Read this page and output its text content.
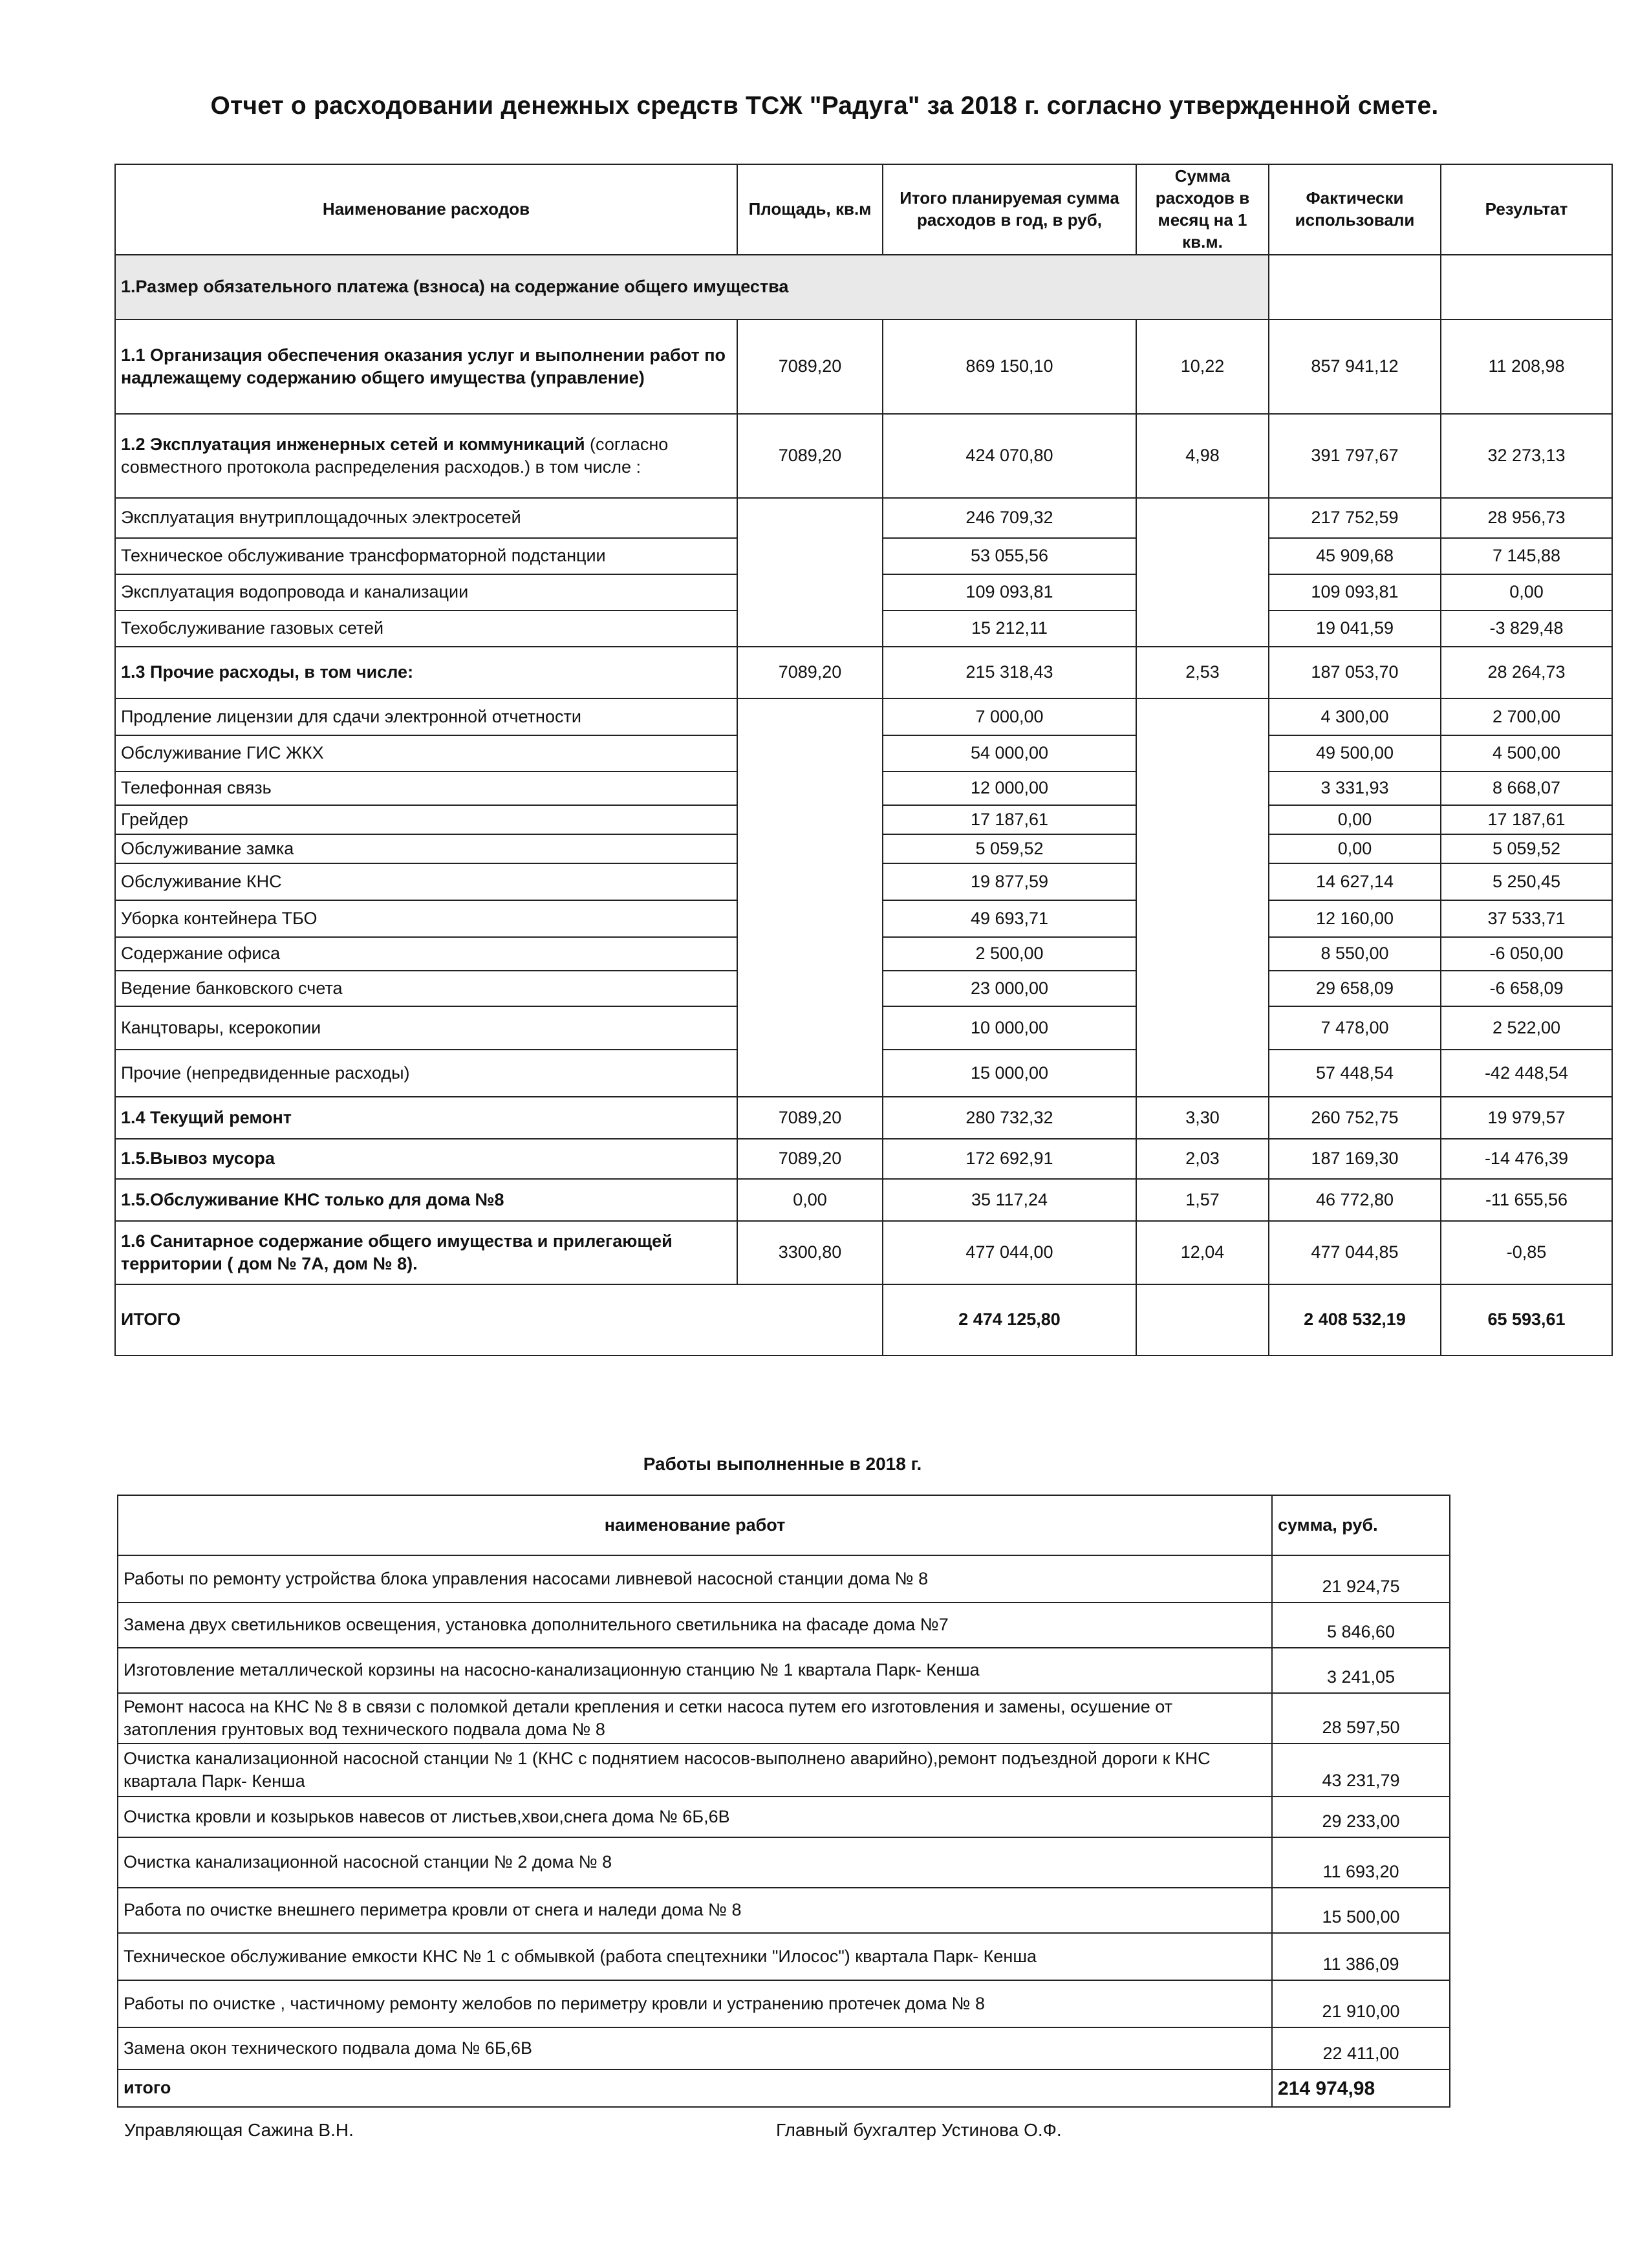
Отчет о расходовании денежных средств ТСЖ "Радуга" за 2018 г. согласно утвержденной смете.
Наименование расходов	Площадь, кв.м	Итого планируемая сумма расходов в год, в руб,	Сумма расходов в месяц на 1 кв.м.	Фактически использовали	Результат
1.Размер обязательного платежа (взноса) на содержание общего имущества					
1.1 Организация обеспечения оказания услуг и выполнении работ по надлежащему содержанию общего имущества (управление)	7089,20	869 150,10	10,22	857 941,12	11 208,98
1.2 Эксплуатация инженерных сетей и коммуникаций (согласно совместного протокола распределения расходов.) в том числе :	7089,20	424 070,80	4,98	391 797,67	32 273,13
Эксплуатация внутриплощадочных электросетей		246 709,32		217 752,59	28 956,73
Техническое обслуживание трансформаторной подстанции		53 055,56		45 909,68	7 145,88
Эксплуатация водопровода и канализации		109 093,81		109 093,81	0,00
Техобслуживание газовых сетей		15 212,11		19 041,59	-3 829,48
1.3 Прочие расходы, в том числе:	7089,20	215 318,43	2,53	187 053,70	28 264,73
Продление лицензии для сдачи электронной отчетности		7 000,00		4 300,00	2 700,00
Обслуживание ГИС ЖКХ		54 000,00		49 500,00	4 500,00
Телефонная связь		12 000,00		3 331,93	8 668,07
Грейдер		17 187,61		0,00	17 187,61
Обслуживание замка		5 059,52		0,00	5 059,52
Обслуживание КНС		19 877,59		14 627,14	5 250,45
Уборка контейнера ТБО		49 693,71		12 160,00	37 533,71
Содержание офиса		2 500,00		8 550,00	-6 050,00
Ведение банковского счета		23 000,00		29 658,09	-6 658,09
Канцтовары, ксерокопии		10 000,00		7 478,00	2 522,00
Прочие (непредвиденные расходы)		15 000,00		57 448,54	-42 448,54
1.4 Текущий ремонт	7089,20	280 732,32	3,30	260 752,75	19 979,57
1.5.Вывоз мусора	7089,20	172 692,91	2,03	187 169,30	-14 476,39
1.5.Обслуживание КНС только для дома №8	0,00	35 117,24	1,57	46 772,80	-11 655,56
1.6 Санитарное содержание общего имущества и прилегающей территории ( дом № 7А, дом № 8).	3300,80	477 044,00	12,04	477 044,85	-0,85
ИТОГО		2 474 125,80		2 408 532,19	65 593,61
Работы выполненные в 2018 г.
наименование работ	сумма, руб.
Работы по ремонту устройства блока управления насосами ливневой насосной станции дома № 8	21 924,75
Замена двух светильников освещения, установка дополнительного светильника на фасаде дома №7	5 846,60
Изготовление металлической корзины на насосно-канализационную станцию № 1 квартала Парк- Кенша	3 241,05
Ремонт насоса на КНС № 8 в связи с поломкой детали крепления и сетки насоса путем его изготовления и замены, осушение от затопления грунтовых вод технического подвала дома № 8	28 597,50
Очистка канализационной насосной станции № 1 (КНС с поднятием насосов-выполнено аварийно),ремонт подъездной дороги к КНС квартала Парк- Кенша	43 231,79
Очистка кровли и козырьков навесов от листьев,хвои,снега дома № 6Б,6В	29 233,00
Очистка канализационной насосной станции № 2 дома № 8	11 693,20
Работа по очистке внешнего периметра кровли от снега и наледи дома № 8	15 500,00
Техническое обслуживание емкости КНС № 1 с обмывкой (работа спецтехники "Илосос") квартала Парк- Кенша	11 386,09
Работы по очистке , частичному ремонту желобов по периметру кровли и устранению протечек дома № 8	21 910,00
Замена окон технического подвала дома № 6Б,6В	22 411,00
итого	214 974,98
Управляющая Сажина В.Н.	Главный бухгалтер Устинова О.Ф.
